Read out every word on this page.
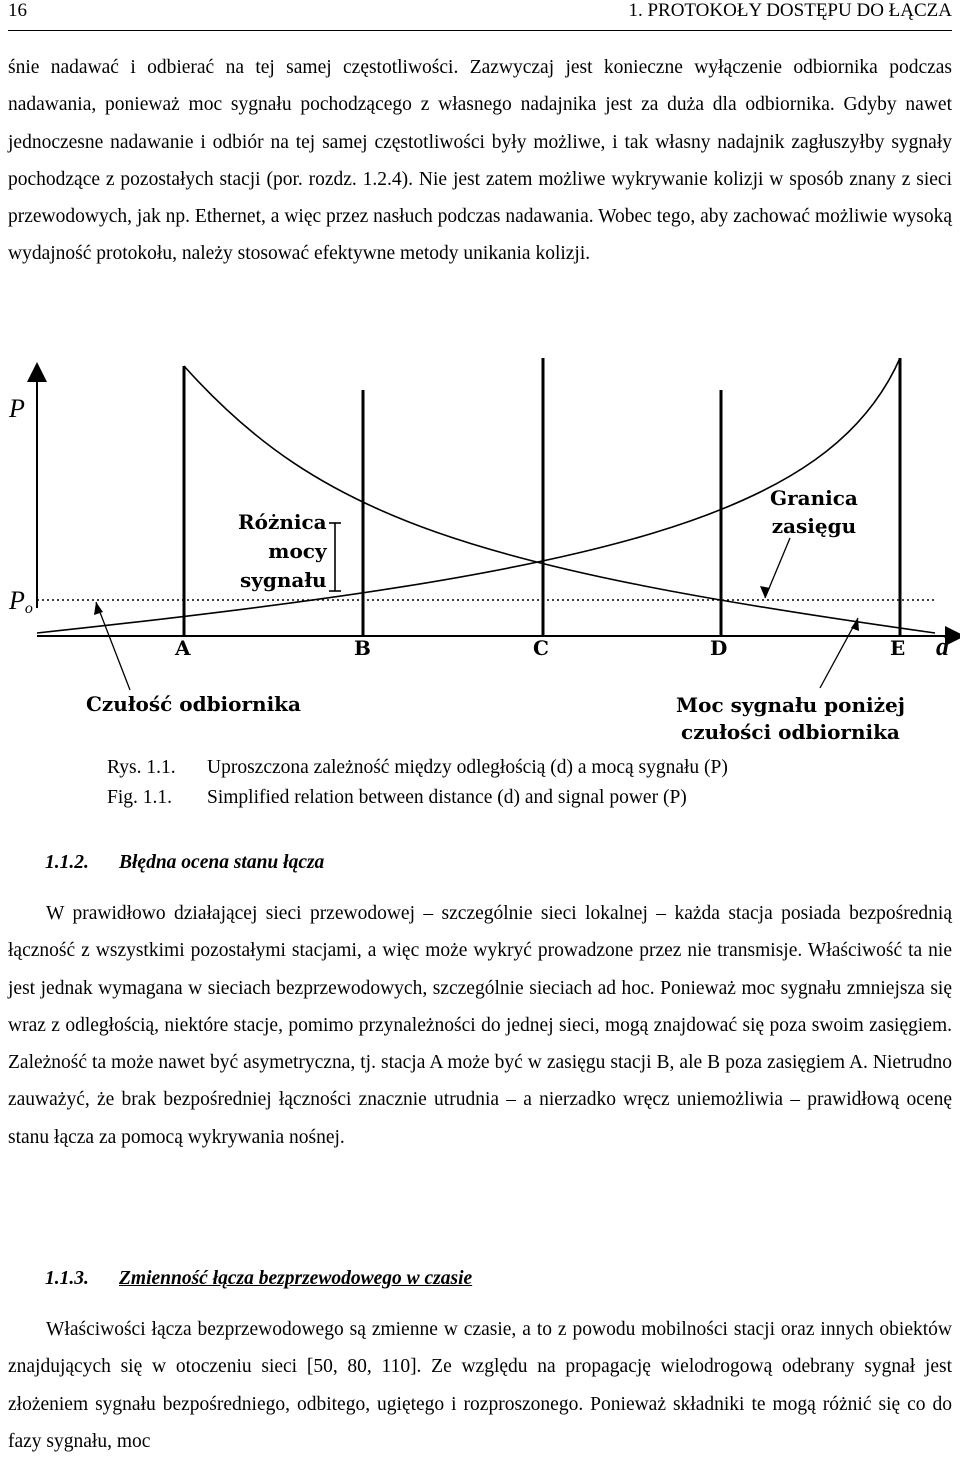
16	1. PROTOKOŁY DOSTĘPU DO ŁĄCZA

śnie nadawać i odbierać na tej samej częstotliwości. Zazwyczaj jest konieczne wyłączenie odbiornika podczas nadawania, ponieważ moc sygnału pochodzącego z własnego nadajnika jest za duża dla odbiornika. Gdyby nawet jednoczesne nadawanie i odbiór na tej samej częstotliwości były możliwe, i tak własny nadajnik zagłuszyłby sygnały pochodzące z pozostałych stacji (por. rozdz. 1.2.4). Nie jest zatem możliwe wykrywanie kolizji w sposób znany z sieci przewodowych, jak np. Ethernet, a więc przez nasłuch podczas nadawania. Wobec tego, aby zachować możliwie wysoką wydajność protokołu, należy stosować efektywne metody unikania kolizji.

P
$P_o$
d
A	B	C	D	E
Różnica
mocy
sygnału
Granica
zasięgu
Czułość odbiornika	Moc sygnału poniżej
czułości odbiornika
Rys. 1.1. Uproszczona zależność między odległością (d) a mocą sygnału (P)
Fig. 1.1. Simplified relation between distance (d) and signal power (P)
1.1.2. Błędna ocena stanu łącza

W prawidłowo działającej sieci przewodowej – szczególnie sieci lokalnej – każda stacja posiada bezpośrednią łączność z wszystkimi pozostałymi stacjami, a więc może wykryć prowadzone przez nie transmisje. Właściwość ta nie jest jednak wymagana w sieciach bezprzewodowych, szczególnie sieciach ad hoc. Ponieważ moc sygnału zmniejsza się wraz z odległością, niektóre stacje, pomimo przynależności do jednej sieci, mogą znajdować się poza swoim zasięgiem. Zależność ta może nawet być asymetryczna, tj. stacja A może być w zasięgu stacji B, ale B poza zasięgiem A. Nietrudno zauważyć, że brak bezpośredniej łączności znacznie utrudnia – a nierzadko wręcz uniemożliwia – prawidłową ocenę stanu łącza za pomocą wykrywania nośnej.

1.1.3. Zmienność łącza bezprzewodowego w czasie

Właściwości łącza bezprzewodowego są zmienne w czasie, a to z powodu mobilności stacji oraz innych obiektów znajdujących się w otoczeniu sieci [50, 80, 110]. Ze względu na propagację wielodrogową odebrany sygnał jest złożeniem sygnału bezpośredniego, odbitego, ugiętego i rozproszonego. Ponieważ składniki te mogą różnić się co do fazy sygnału, moc
